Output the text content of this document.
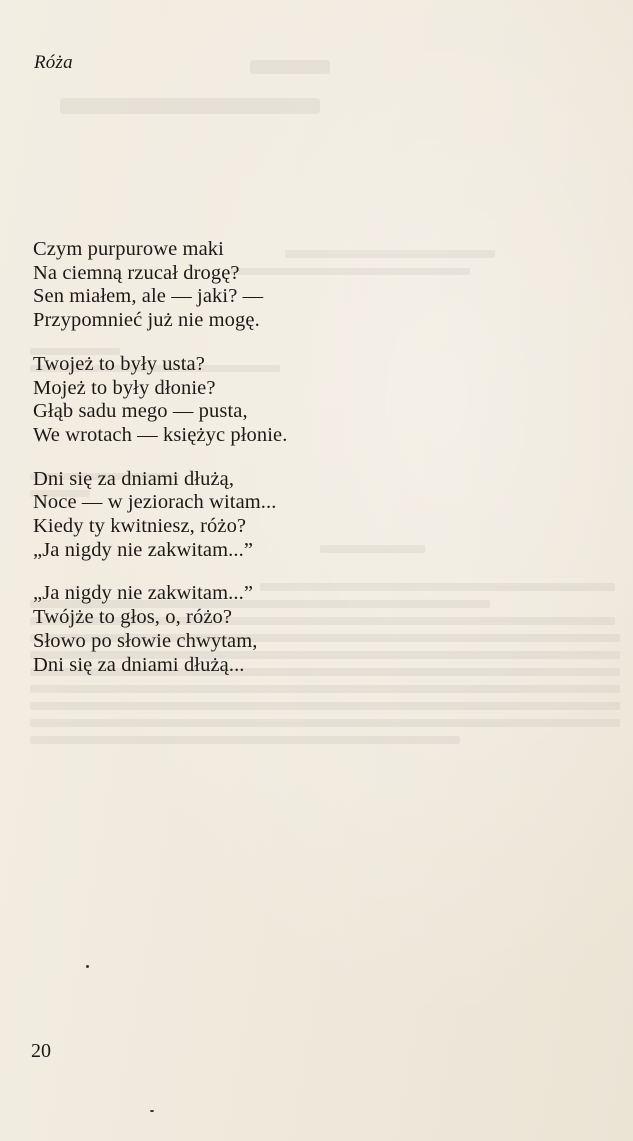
Róża
Czym purpurowe maki
Na ciemną rzucał drogę?
Sen miałem, ale — jaki? —
Przypomnieć już nie mogę.
Twojeż to były usta?
Mojeż to były dłonie?
Głąb sadu mego — pusta,
We wrotach — księżyc płonie.
Dni się za dniami dłużą,
Noce — w jeziorach witam...
Kiedy ty kwitniesz, różo?
„Ja nigdy nie zakwitam...”
„Ja nigdy nie zakwitam...”
Twójże to głos, o, różo?
Słowo po słowie chwytam,
Dni się za dniami dłużą...
20
